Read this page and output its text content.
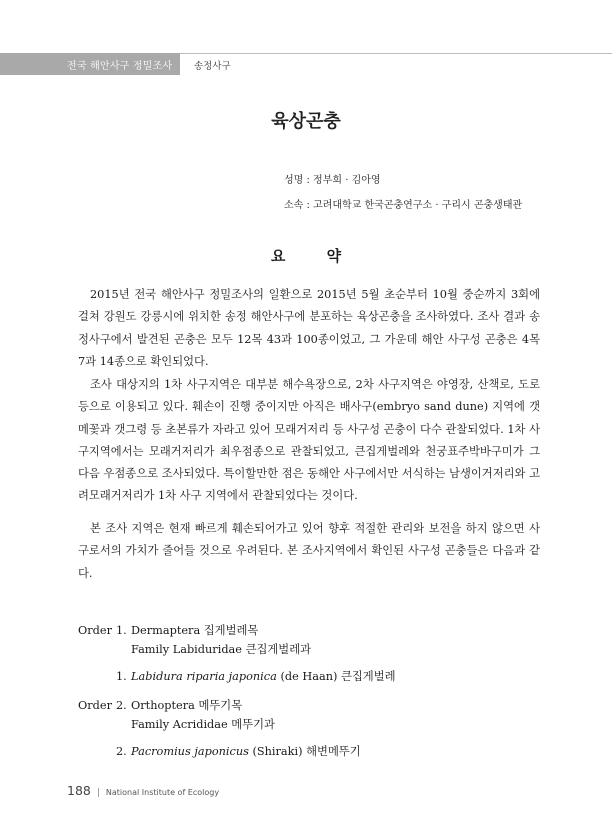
전국 해안사구 정밀조사 송정사구
육상곤충
성명 : 정부희 · 김아영
소속 : 고려대학교 한국곤충연구소 · 구리시 곤충생태관
요 약

2015년 전국 해안사구 정밀조사의 일환으로 2015년 5월 초순부터 10월 중순까지 3회에 걸쳐 강원도 강릉시에 위치한 송정 해안사구에 분포하는 육상곤충을 조사하였다. 조사 결과 송정사구에서 발견된 곤충은 모두 12목 43과 100종이었고, 그 가운데 해안 사구성 곤충은 4목 7과 14종으로 확인되었다.

조사 대상지의 1차 사구지역은 대부분 해수욕장으로, 2차 사구지역은 야영장, 산책로, 도로 등으로 이용되고 있다. 훼손이 진행 중이지만 아직은 배사구(embryo sand dune) 지역에 갯메꽃과 갯그령 등 초본류가 자라고 있어 모래거저리 등 사구성 곤충이 다수 관찰되었다. 1차 사구지역에서는 모래거저리가 최우점종으로 관찰되었고, 큰집게벌레와 천궁표주박바구미가 그 다음 우점종으로 조사되었다. 특이할만한 점은 동해안 사구에서만 서식하는 남생이거저리와 고려모래거저리가 1차 사구 지역에서 관찰되었다는 것이다.

본 조사 지역은 현재 빠르게 훼손되어가고 있어 향후 적절한 관리와 보전을 하지 않으면 사구로서의 가치가 줄어들 것으로 우려된다. 본 조사지역에서 확인된 사구성 곤충들은 다음과 같다.

Order 1. Dermaptera 집게벌레목
Family Labiduridae 큰집게벌레과
1. Labidura riparia japonica (de Haan) 큰집게벌레
Order 2. Orthoptera 메뚜기목
Family Acrididae 메뚜기과
2. Pacromius japonicus (Shiraki) 해변메뚜기
188 | National Institute of Ecology
